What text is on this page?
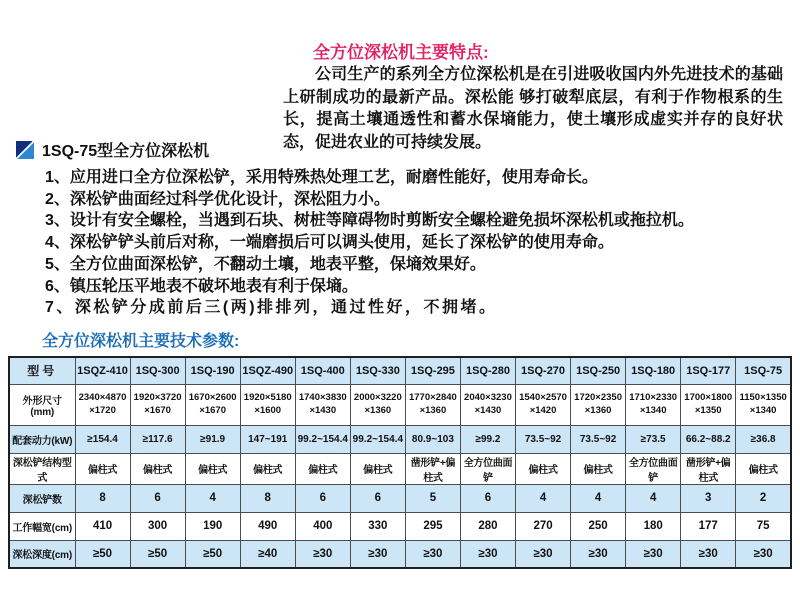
全方位深松机主要特点:
公司生产的系列全方位深松机是在引进吸收国内外先进技术的基础上研制成功的最新产品。深松能 够打破犁底层，有利于作物根系的生长，提高土壤通透性和蓄水保墒能力，使土壤形成虚实并存的良好状态，促进农业的可持续发展。
1SQ-75型全方位深松机
1、应用进口全方位深松铲，采用特殊热处理工艺，耐磨性能好，使用寿命长。
2、深松铲曲面经过科学优化设计，深松阻力小。
3、设计有安全螺栓，当遇到石块、树桩等障碍物时剪断安全螺栓避免损坏深松机或拖拉机。
4、深松铲铲头前后对称，一端磨损后可以调头使用，延长了深松铲的使用寿命。
5、全方位曲面深松铲，不翻动土壤，地表平整，保墒效果好。
6、镇压轮压平地表不破坏地表有利于保墒。
7、深松铲分成前后三(两)排排列，通过性好，不拥堵。
全方位深松机主要技术参数:
型号	1SQZ-410	1SQ-300	1SQ-190	1SQZ-490	1SQ-400	1SQ-330	1SQ-295	1SQ-280	1SQ-270	1SQ-250	1SQ-180	1SQ-177	1SQ-75
外形尺寸(mm)	2340×4870 ×1720	1920×3720 ×1670	1670×2600 ×1670	1920×5180 ×1600	1740×3830 ×1430	2000×3220 ×1360	1770×2840 ×1360	2040×3230 ×1430	1540×2570 ×1420	1720×2350 ×1360	1710×2330 ×1340	1700×1800 ×1350	1150×1350 ×1340
配套动力(kW)	≥154.4	≥117.6	≥91.9	147~191	99.2~154.4	99.2~154.4	80.9~103	≥99.2	73.5~92	73.5~92	≥73.5	66.2~88.2	≥36.8
深松铲结构型式	偏柱式	偏柱式	偏柱式	偏柱式	偏柱式	偏柱式	凿形铲+偏柱式	全方位曲面铲	偏柱式	偏柱式	全方位曲面铲	凿形铲+偏柱式	偏柱式
深松铲数	8	6	4	8	6	6	5	6	4	4	4	3	2
工作幅宽(cm)	410	300	190	490	400	330	295	280	270	250	180	177	75
深松深度(cm)	≥50	≥50	≥50	≥40	≥30	≥30	≥30	≥30	≥30	≥30	≥30	≥30	≥30
